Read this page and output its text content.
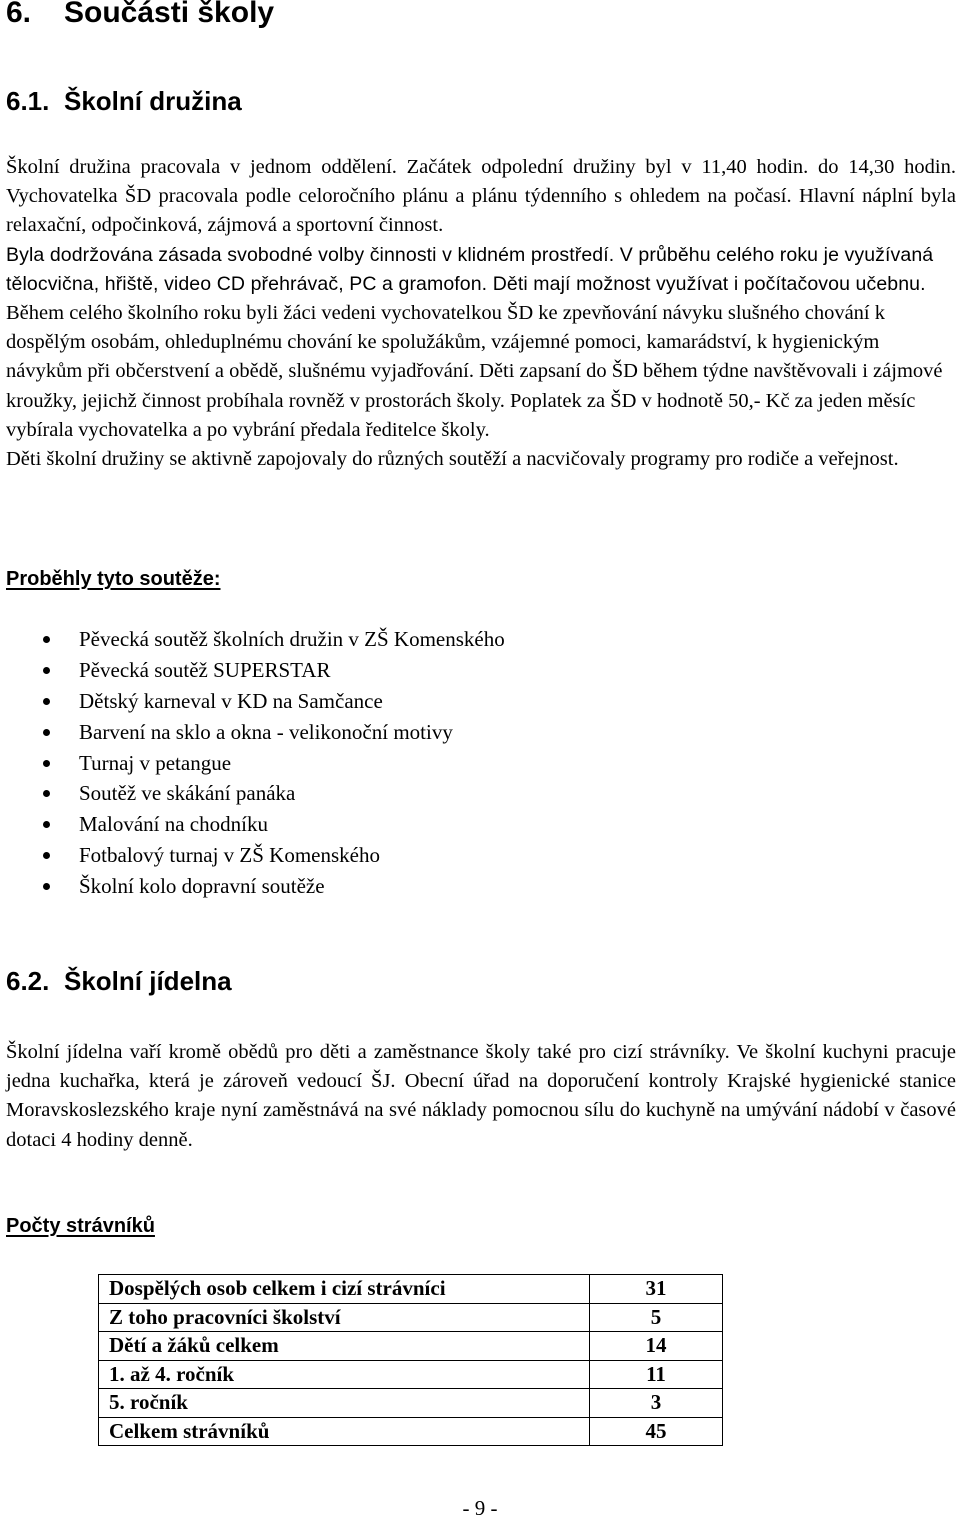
6. Součásti školy
6.1. Školní družina

Školní družina pracovala v jednom oddělení. Začátek odpolední družiny byl v 11,40 hodin. do 14,30 hodin. Vychovatelka ŠD pracovala podle celoročního plánu a plánu týdenního s ohledem na počasí. Hlavní náplní byla relaxační, odpočinková, zájmová a sportovní činnost.

Byla dodržována zásada svobodné volby činnosti v klidném prostředí. V průběhu celého roku je využívaná tělocvična, hřiště, video CD přehrávač, PC a gramofon. Děti mají možnost využívat i počítačovou učebnu.

Během celého školního roku byli žáci vedeni vychovatelkou ŠD ke zpevňování návyku slušného chování k dospělým osobám, ohleduplnému chování ke spolužákům, vzájemné pomoci, kamarádství, k hygienickým návykům při občerstvení a obědě, slušnému vyjadřování. Děti zapsaní do ŠD během týdne navštěvovali i zájmové kroužky, jejichž činnost probíhala rovněž v prostorách školy. Poplatek za ŠD v hodnotě 50,- Kč za jeden měsíc vybírala vychovatelka a po vybrání předala ředitelce školy.

Děti školní družiny se aktivně zapojovaly do různých soutěží a nacvičovaly programy pro rodiče a veřejnost.

Proběhly tyto soutěže:
Pěvecká soutěž školních družin v ZŠ Komenského
Pěvecká soutěž SUPERSTAR
Dětský karneval v KD na Samčance
Barvení na sklo a okna - velikonoční motivy
Turnaj v petangue
Soutěž ve skákání panáka
Malování na chodníku
Fotbalový turnaj v ZŠ Komenského
Školní kolo dopravní soutěže
6.2. Školní jídelna

Školní jídelna vaří kromě obědů pro děti a zaměstnance školy také pro cizí strávníky. Ve školní kuchyni pracuje jedna kuchařka, která je zároveň vedoucí ŠJ. Obecní úřad na doporučení kontroly Krajské hygienické stanice Moravskoslezského kraje nyní zaměstnává na své náklady pomocnou sílu do kuchyně na umývání nádobí v časové dotaci 4 hodiny denně.

Počty strávníků
Dospělých osob celkem i cizí strávníci	31
Z toho pracovníci školství	5
Dětí a žáků celkem	14
1. až 4. ročník	11
5. ročník	3
Celkem strávníků	45
- 9 -
